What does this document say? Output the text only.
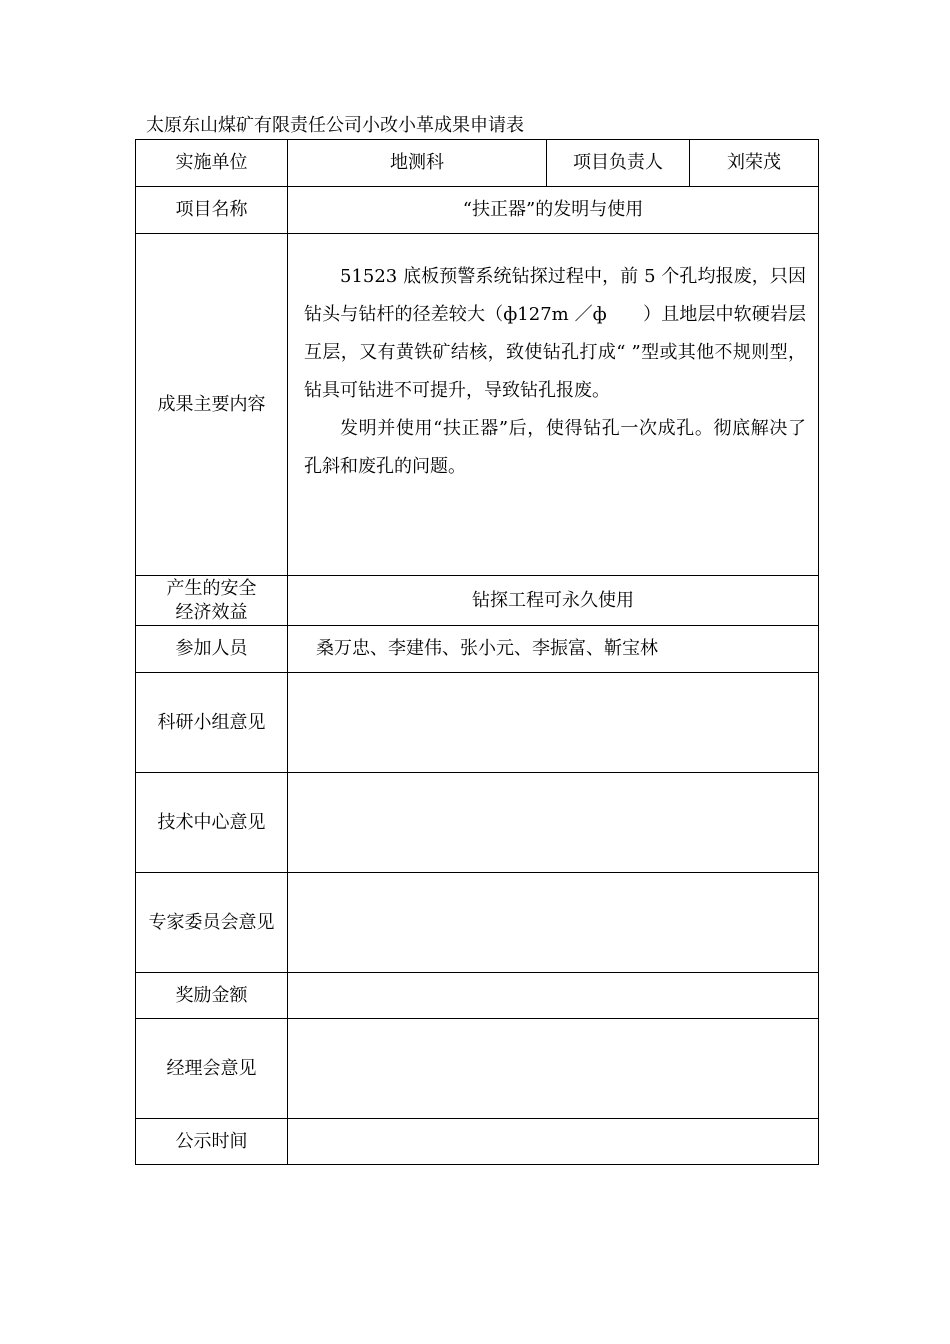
太原东山煤矿有限责任公司小改小革成果申请表
实施单位	地测科	项目负责人	刘荣茂
项目名称	“扶正器”的发明与使用		
成果主要内容	51523 底板预警系统钻探过程中，前 5 个孔均报废，只因钻头与钻杆的径差较大（ф127m ／ф　　）且地层中软硬岩层互层，又有黄铁矿结核，致使钻孔打成“ ”型或其他不规则型，钻具可钻进不可提升，导致钻孔报废。

发明并使用“扶正器”后，使得钻孔一次成孔。彻底解决了孔斜和废孔的问题。		

产生的安全
经济效益	钻探工程可永久使用		
参加人员	桑万忠、李建伟、张小元、李振富、靳宝林		
科研小组意见			
技术中心意见			
专家委员会意见			
奖励金额			
经理会意见			
公示时间			
